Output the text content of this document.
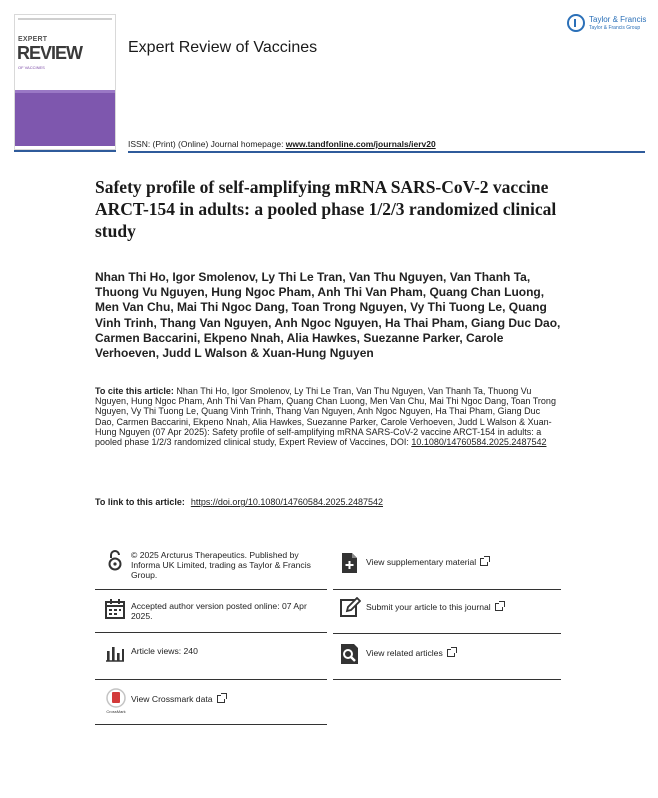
EXPERT
REVIEW
OF VACCINES
Taylor & Francis
Taylor & Francis Group
Expert Review of Vaccines
ISSN: (Print) (Online) Journal homepage: www.tandfonline.com/journals/ierv20
Safety profile of self-amplifying mRNA SARS-CoV-2 vaccine ARCT-154 in adults: a pooled phase 1/2/3 randomized clinical study
Nhan Thi Ho, Igor Smolenov, Ly Thi Le Tran, Van Thu Nguyen, Van Thanh Ta, Thuong Vu Nguyen, Hung Ngoc Pham, Anh Thi Van Pham, Quang Chan Luong, Men Van Chu, Mai Thi Ngoc Dang, Toan Trong Nguyen, Vy Thi Tuong Le, Quang Vinh Trinh, Thang Van Nguyen, Anh Ngoc Nguyen, Ha Thai Pham, Giang Duc Dao, Carmen Baccarini, Ekpeno Nnah, Alia Hawkes, Suezanne Parker, Carole Verhoeven, Judd L Walson & Xuan-Hung Nguyen
To cite this article: Nhan Thi Ho, Igor Smolenov, Ly Thi Le Tran, Van Thu Nguyen, Van Thanh Ta, Thuong Vu Nguyen, Hung Ngoc Pham, Anh Thi Van Pham, Quang Chan Luong, Men Van Chu, Mai Thi Ngoc Dang, Toan Trong Nguyen, Vy Thi Tuong Le, Quang Vinh Trinh, Thang Van Nguyen, Anh Ngoc Nguyen, Ha Thai Pham, Giang Duc Dao, Carmen Baccarini, Ekpeno Nnah, Alia Hawkes, Suezanne Parker, Carole Verhoeven, Judd L Walson & Xuan-Hung Nguyen (07 Apr 2025): Safety profile of self-amplifying mRNA SARS-CoV-2 vaccine ARCT-154 in adults: a pooled phase 1/2/3 randomized clinical study, Expert Review of Vaccines, DOI: 10.1080/14760584.2025.2487542
To link to this article: https://doi.org/10.1080/14760584.2025.2487542
© 2025 Arcturus Therapeutics. Published by Informa UK Limited, trading as Taylor & Francis Group.
Accepted author version posted online: 07 Apr 2025.
Article views: 240
CrossMark
View Crossmark data
View supplementary material
Submit your article to this journal
View related articles
